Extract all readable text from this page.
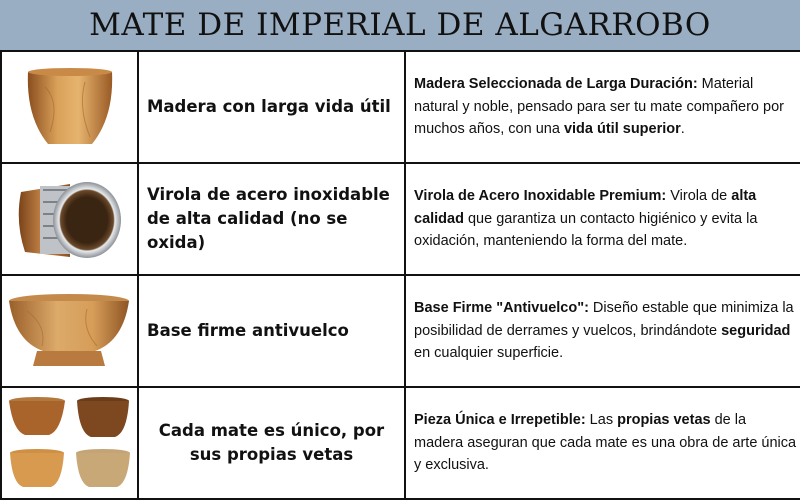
MATE DE IMPERIAL DE ALGARROBO
Madera con larga vida útil

Madera Seleccionada de Larga Duración: Material natural y noble, pensado para ser tu mate compañero por muchos años, con una vida útil superior.

Virola de acero inoxidable de alta calidad (no se oxida)

Virola de Acero Inoxidable Premium: Virola de alta calidad que garantiza un contacto higiénico y evita la oxidación, manteniendo la forma del mate.

Base firme antivuelco

Base Firme "Antivuelco": Diseño estable que minimiza la posibilidad de derrames y vuelcos, brindándote seguridad en cualquier superficie.

Cada mate es único, por sus propias vetas

Pieza Única e Irrepetible: Las propias vetas de la madera aseguran que cada mate es una obra de arte única y exclusiva.
